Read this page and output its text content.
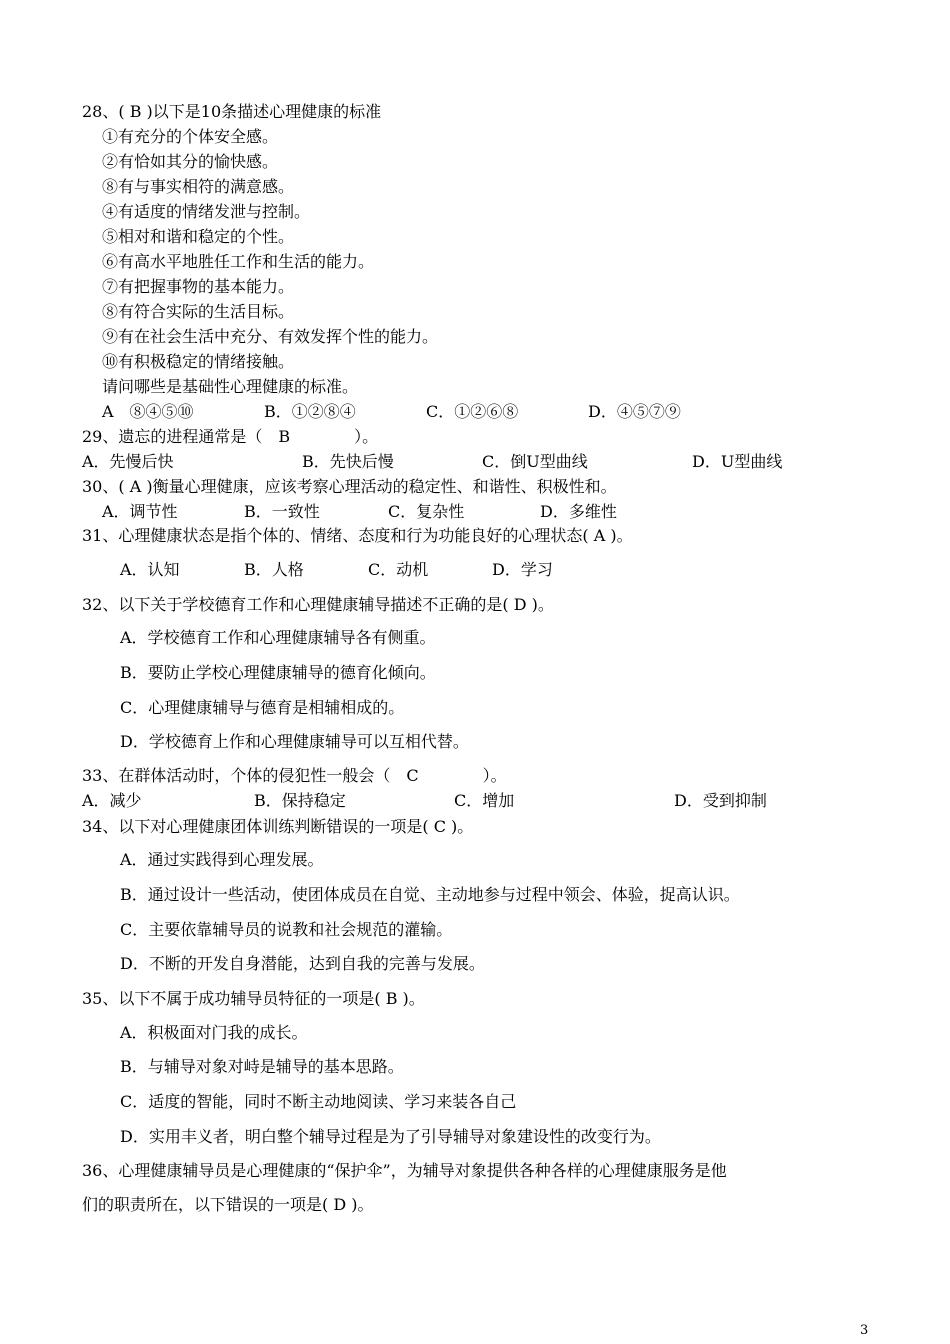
28、( B )以下是10条描述心理健康的标准
①有充分的个体安全感。
②有恰如其分的愉快感。
⑧有与事实相符的满意感。
④有适度的情绪发泄与控制。
⑤相对和谐和稳定的个性。
⑥有高水平地胜任工作和生活的能力。
⑦有把握事物的基本能力。
⑧有符合实际的生活目标。
⑨有在社会生活中充分、有效发挥个性的能力。
⑩有积极稳定的情绪接触。
请问哪些是基础性心理健康的标准。

A　⑧④⑤⑩

	B．①②⑧④

	C．①②⑥⑧

	D．④⑤⑦⑨

29、遗忘的进程通常是（　B　　　　）。

A．先慢后快

	B．先快后慢

	C．倒U型曲线

	D．U型曲线

30、( A )衡量心理健康，应该考察心理活动的稳定性、和谐性、积极性和。

A．调节性

	B．一致性

	C．复杂性

	D．多维性

31、心理健康状态是指个体的、情绪、态度和行为功能良好的心理状态( A )。

A．认知

	B．人格

	C．动机

	D．学习

32、以下关于学校德育工作和心理健康辅导描述不正确的是( D )。
A．学校德育工作和心理健康辅导各有侧重。
B．要防止学校心理健康辅导的德育化倾向。
C．心理健康辅导与德育是相辅相成的。
D．学校德育上作和心理健康辅导可以互相代替。
33、在群体活动时，个体的侵犯性一般会（　C　　　　）。

A．减少

	B．保持稳定

	C．增加

	D．受到抑制

34、以下对心理健康团体训练判断错误的一项是( C )。
A．通过实践得到心理发展。
B．通过设计一些活动，使团体成员在自觉、主动地参与过程中领会、体验，捉高认识。
C．主要依靠辅导员的说教和社会规范的灌输。
D．不断的开发自身潜能，达到自我的完善与发展。
35、以下不属于成功辅导员特征的一项是( B )。
A．积极面对门我的成长。
B．与辅导对象对峙是辅导的基本思路。
C．适度的智能，同时不断主动地阅读、学习来装各自己
D．实用丰义者，明白整个辅导过程是为了引导辅导对象建设性的改变行为。
36、心理健康辅导员是心理健康的“保护伞”，为辅导对象提供各种各样的心理健康服务是他
们的职责所在，以下错误的一项是( D )。
3
